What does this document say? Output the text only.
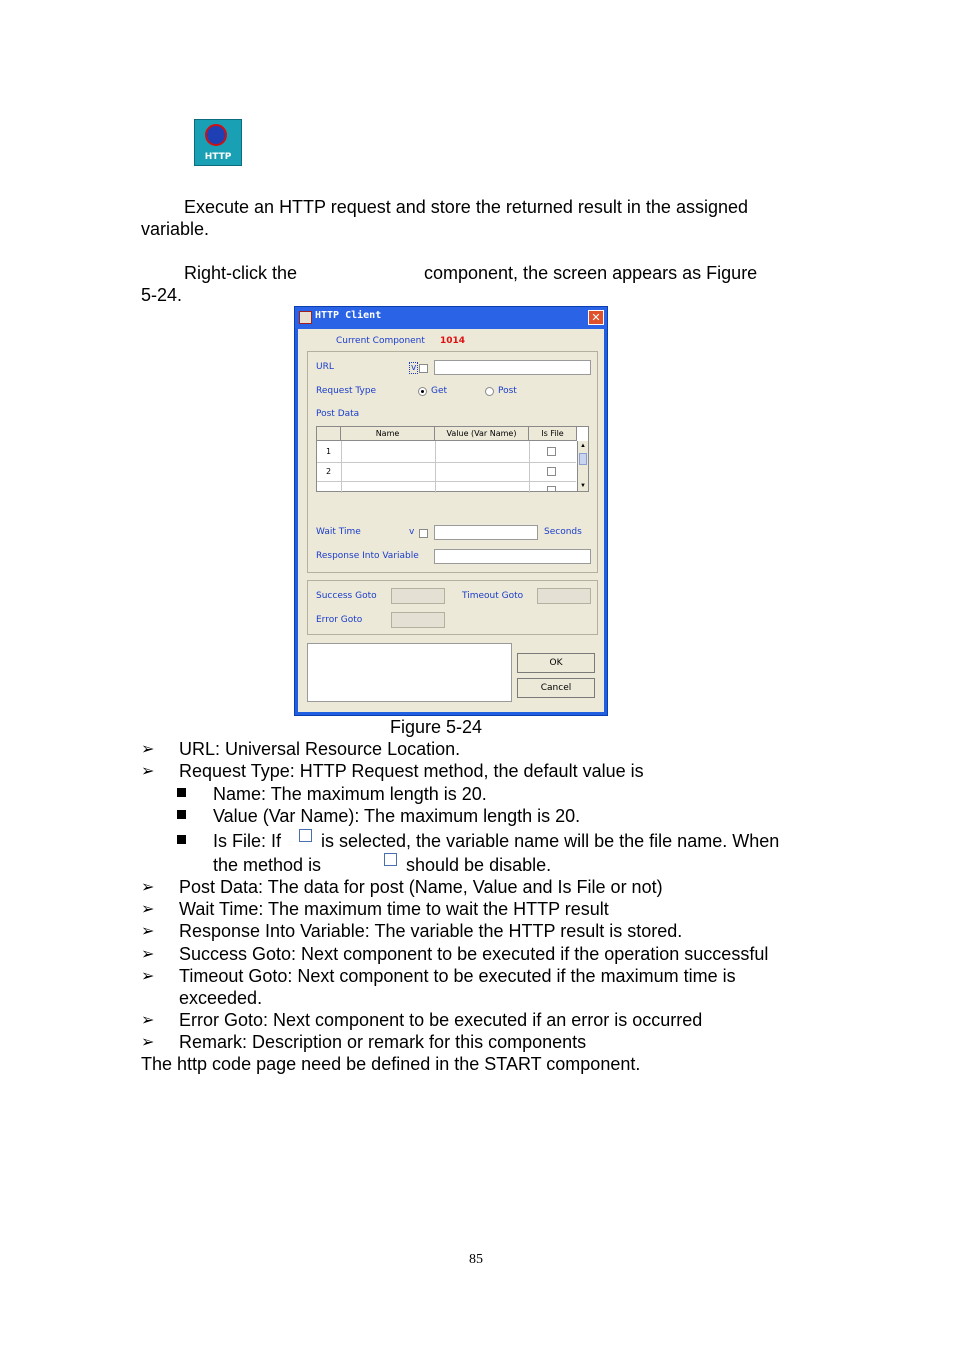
HTTP
Execute an HTTP request and store the returned result in the assigned
variable.
Right-click the	component, the screen appears as Figure
5-24.
HTTP Client	✕
Current Component 1014
URL	v
Request Type	Get	Post
Post Data
Name	Value (Var Name)	Is File
1
2
▲
▼
Wait Time	v	Seconds
Response Into Variable
Success Goto	Timeout Goto
Error Goto
OK
Cancel
Figure 5-24
➢ URL: Universal Resource Location.
➢ Request Type: HTTP Request method, the default value is
Name: The maximum length is 20.
Value (Var Name): The maximum length is 20.
Is File: If is selected, the variable name will be the file name. When
the method is	should be disable.
➢ Post Data: The data for post (Name, Value and Is File or not)
➢ Wait Time: The maximum time to wait the HTTP result
➢ Response Into Variable: The variable the HTTP result is stored.
➢ Success Goto: Next component to be executed if the operation successful
➢ Timeout Goto: Next component to be executed if the maximum time is
exceeded.
➢ Error Goto: Next component to be executed if an error is occurred
➢ Remark: Description or remark for this components
The http code page need be defined in the START component.
85
